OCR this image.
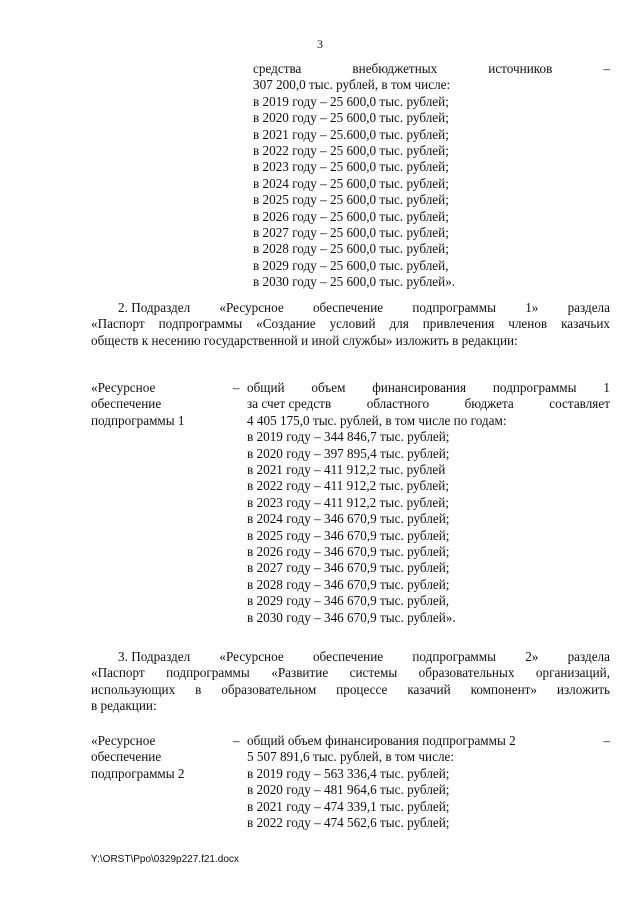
3
средства	внебюджетных	источников	–
307 200,0 тыс. рублей, в том числе:
в 2019 году – 25 600,0 тыс. рублей;
в 2020 году – 25 600,0 тыс. рублей;
в 2021 году – 25.600,0 тыс. рублей;
в 2022 году – 25 600,0 тыс. рублей;
в 2023 году – 25 600,0 тыс. рублей;
в 2024 году – 25 600,0 тыс. рублей;
в 2025 году – 25 600,0 тыс. рублей;
в 2026 году – 25 600,0 тыс. рублей;
в 2027 году – 25 600,0 тыс. рублей;
в 2028 году – 25 600,0 тыс. рублей;
в 2029 году – 25 600,0 тыс. рублей,
в 2030 году – 25 600,0 тыс. рублей».
2. Подраздел «Ресурсное обеспечение подпрограммы 1» раздела
«Паспорт подпрограммы «Создание условий для привлечения членов казачьих
обществ к несению государственной и иной службы» изложить в редакции:
«Ресурсное
обеспечение
подпрограммы 1
– общий объем финансирования подпрограммы 1
за счет средств	областного	бюджета	составляет
4 405 175,0 тыс. рублей, в том числе по годам:
в 2019 году – 344 846,7 тыс. рублей;
в 2020 году – 397 895,4 тыс. рублей;
в 2021 году – 411 912,2 тыс. рублей
в 2022 году – 411 912,2 тыс. рублей;
в 2023 году – 411 912,2 тыс. рублей;
в 2024 году – 346 670,9 тыс. рублей;
в 2025 году – 346 670,9 тыс. рублей;
в 2026 году – 346 670,9 тыс. рублей;
в 2027 году – 346 670,9 тыс. рублей;
в 2028 году – 346 670,9 тыс. рублей;
в 2029 году – 346 670,9 тыс. рублей,
в 2030 году – 346 670,9 тыс. рублей».
3. Подраздел «Ресурсное обеспечение подпрограммы 2» раздела
«Паспорт подпрограммы «Развитие системы образовательных организаций,
использующих в образовательном процессе казачий компонент» изложить
в редакции:
«Ресурсное
обеспечение
подпрограммы 2
– общий объем финансирования подпрограммы 2	–
5 507 891,6 тыс. рублей, в том числе:
в 2019 году – 563 336,4 тыс. рублей;
в 2020 году – 481 964,6 тыс. рублей;
в 2021 году – 474 339,1 тыс. рублей;
в 2022 году – 474 562,6 тыс. рублей;
Y:\ORST\Ppo\0329p227.f21.docx
